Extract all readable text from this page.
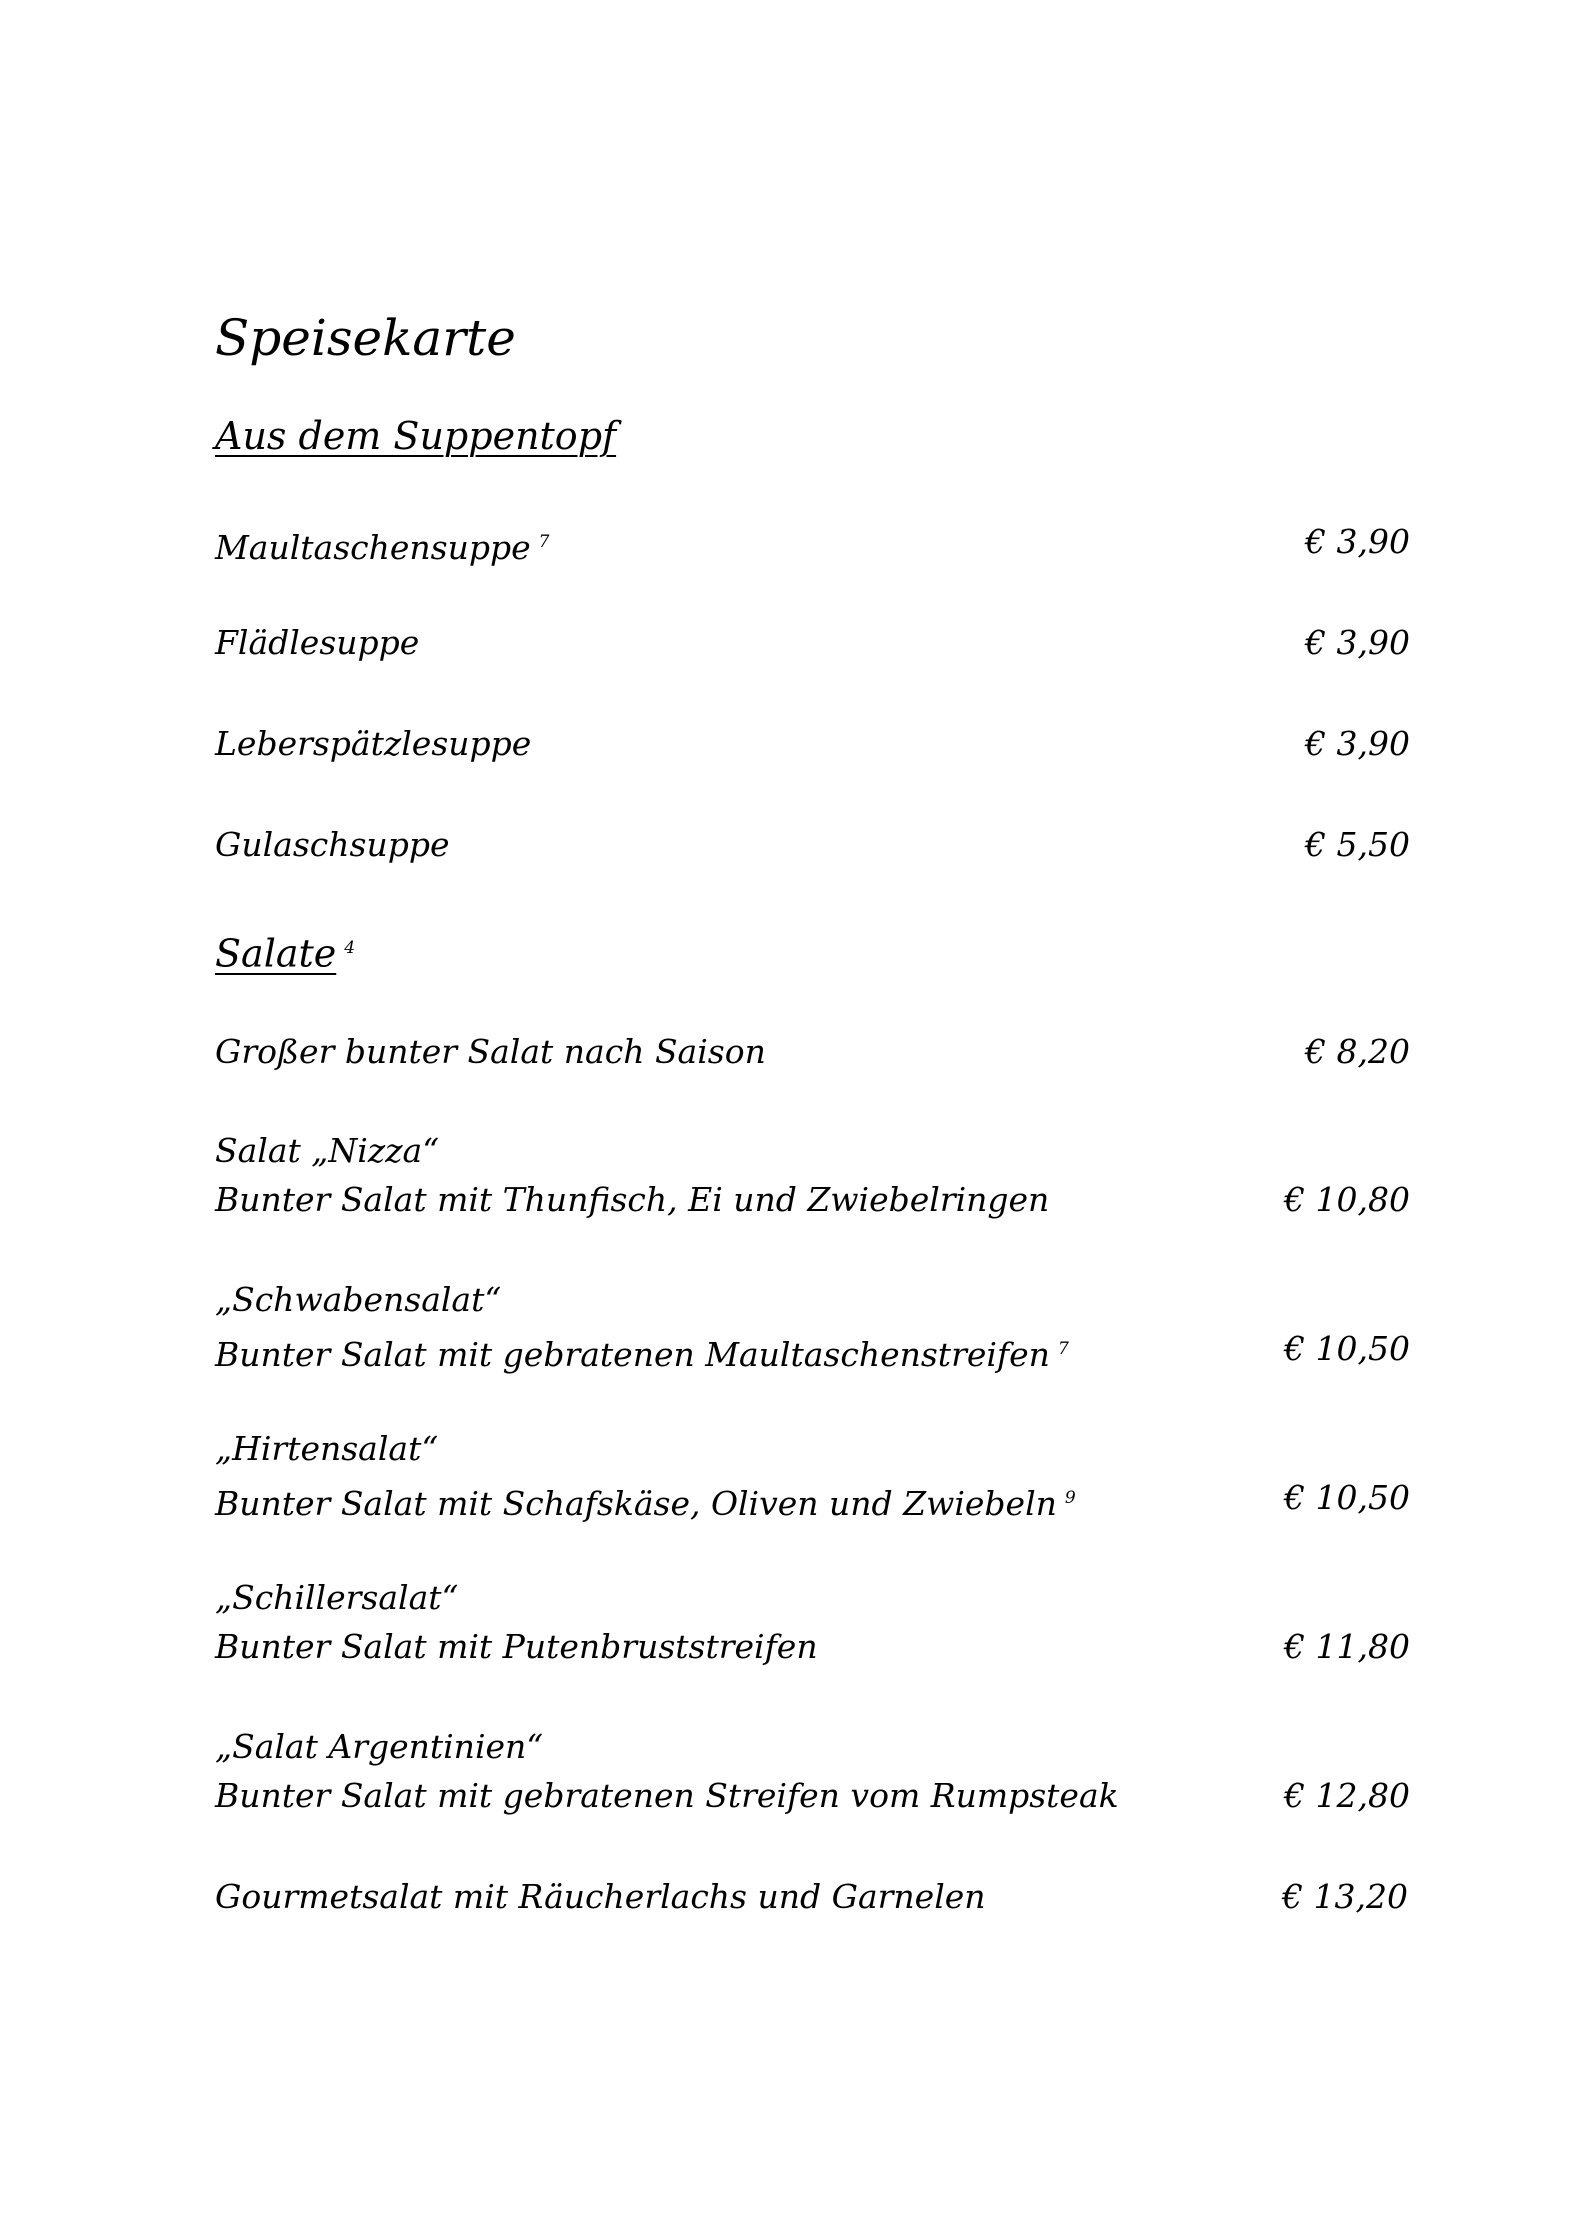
Speisekarte
Aus dem Suppentopf
Maultaschensuppe 7	€ 3,90
Flädlesuppe	€ 3,90
Leberspätzlesuppe	€ 3,90
Gulaschsuppe	€ 5,50
Salate 4
Großer bunter Salat nach Saison	€ 8,20
Salat „Nizza“
Bunter Salat mit Thunfisch, Ei und Zwiebelringen	€ 10,80
„Schwabensalat“
Bunter Salat mit gebratenen Maultaschenstreifen 7	€ 10,50
„Hirtensalat“
Bunter Salat mit Schafskäse, Oliven und Zwiebeln 9	€ 10,50
„Schillersalat“
Bunter Salat mit Putenbruststreifen	€ 11,80
„Salat Argentinien“
Bunter Salat mit gebratenen Streifen vom Rumpsteak	€ 12,80
Gourmetsalat mit Räucherlachs und Garnelen	€ 13,20
